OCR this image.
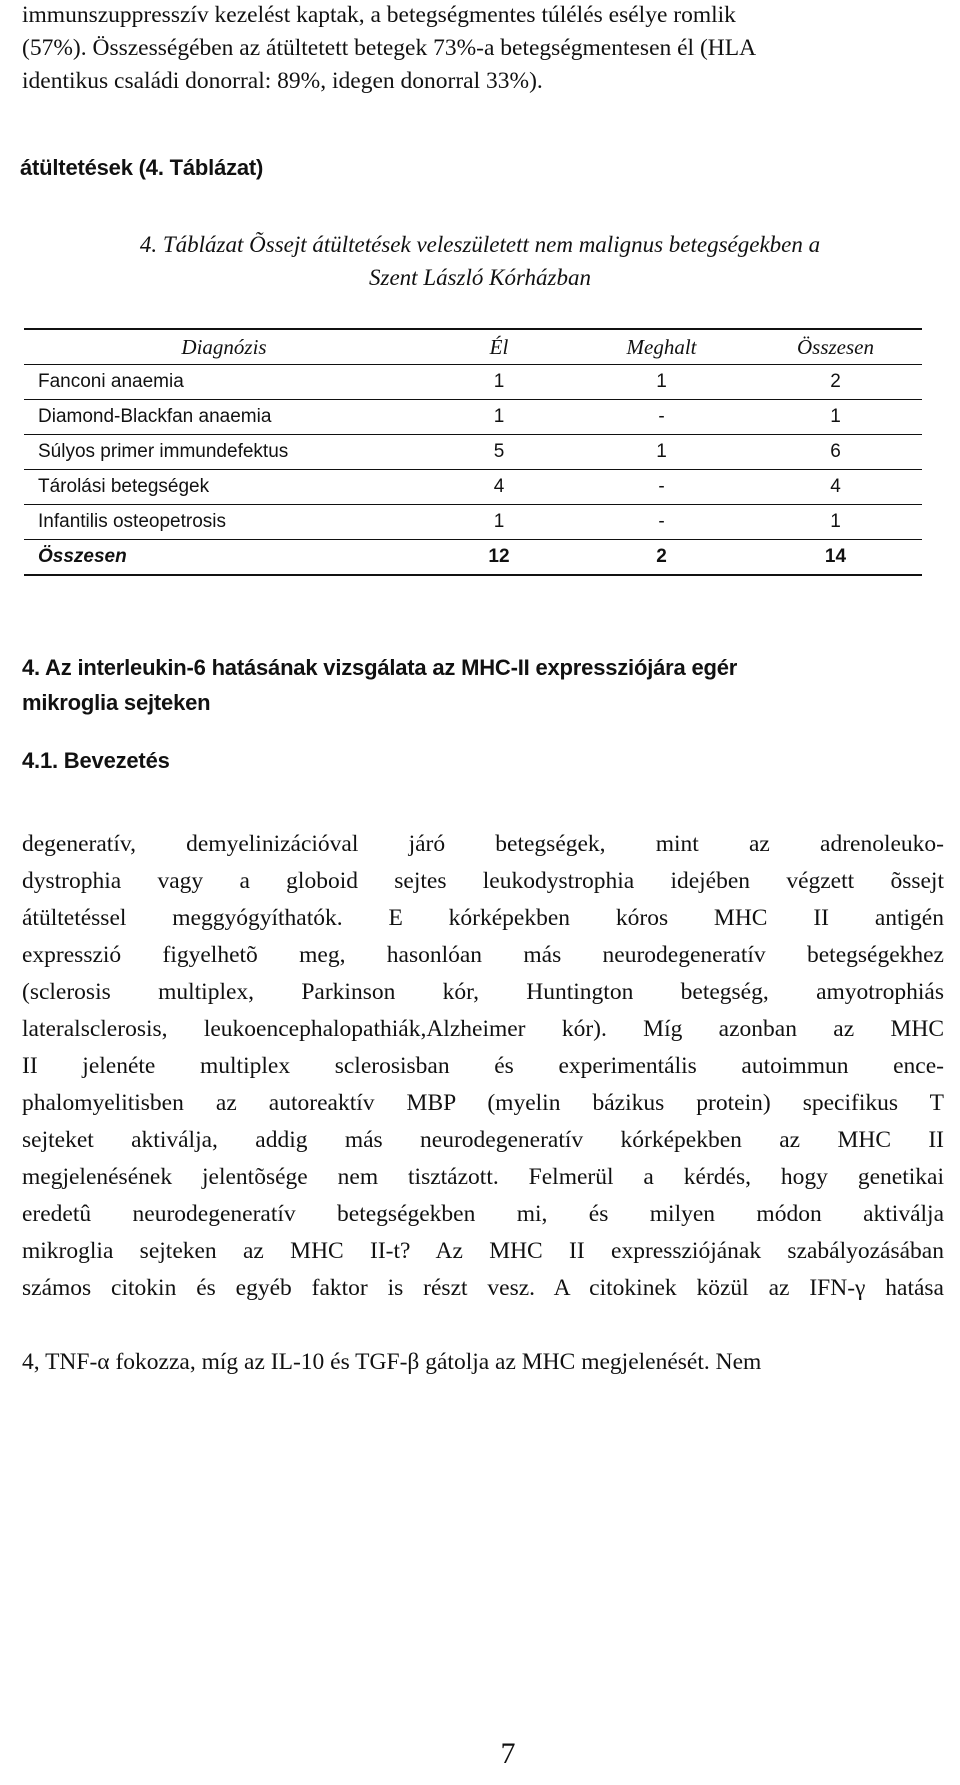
immunszuppresszív kezelést kaptak, a betegségmentes túlélés esélye romlik
(57%). Összességében az átültetett betegek 73%-a betegségmentesen él (HLA
identikus családi donorral: 89%, idegen donorral 33%).
átültetések (4. Táblázat)
4. Táblázat Õssejt átültetések veleszületett nem malignus betegségekben a
Szent László Kórházban
Diagnózis	Él	Meghalt	Összesen
Fanconi anaemia	1	1	2
Diamond-Blackfan anaemia	1	-	1
Súlyos primer immundefektus	5	1	6
Tárolási betegségek	4	-	4
Infantilis osteopetrosis	1	-	1
Összesen	12	2	14
4. Az interleukin-6 hatásának vizsgálata az MHC-II expressziójára egér
mikroglia sejteken
4.1. Bevezetés
degeneratív, demyelinizációval járó betegségek, mint az adrenoleuko-
dystrophia vagy a globoid sejtes leukodystrophia idejében végzett õssejt
átültetéssel meggyógyíthatók. E kórképekben kóros MHC II antigén
expresszió figyelhetõ meg, hasonlóan más neurodegeneratív betegségekhez
(sclerosis multiplex, Parkinson kór, Huntington betegség, amyotrophiás
lateralsclerosis, leukoencephalopathiák,Alzheimer kór). Míg azonban az MHC
II jelenéte multiplex sclerosisban és experimentális autoimmun ence-
phalomyelitisben az autoreaktív MBP (myelin bázikus protein) specifikus T
sejteket aktiválja, addig más neurodegeneratív kórképekben az MHC II
megjelenésének jelentõsége nem tisztázott. Felmerül a kérdés, hogy genetikai
eredetû neurodegeneratív betegségekben mi, és milyen módon aktiválja
mikroglia sejteken az MHC II-t? Az MHC II expressziójának szabályozásában
számos citokin és egyéb faktor is részt vesz. A citokinek közül az IFN-γ hatása
4, TNF-α fokozza, míg az IL-10 és TGF-β gátolja az MHC megjelenését. Nem
7
